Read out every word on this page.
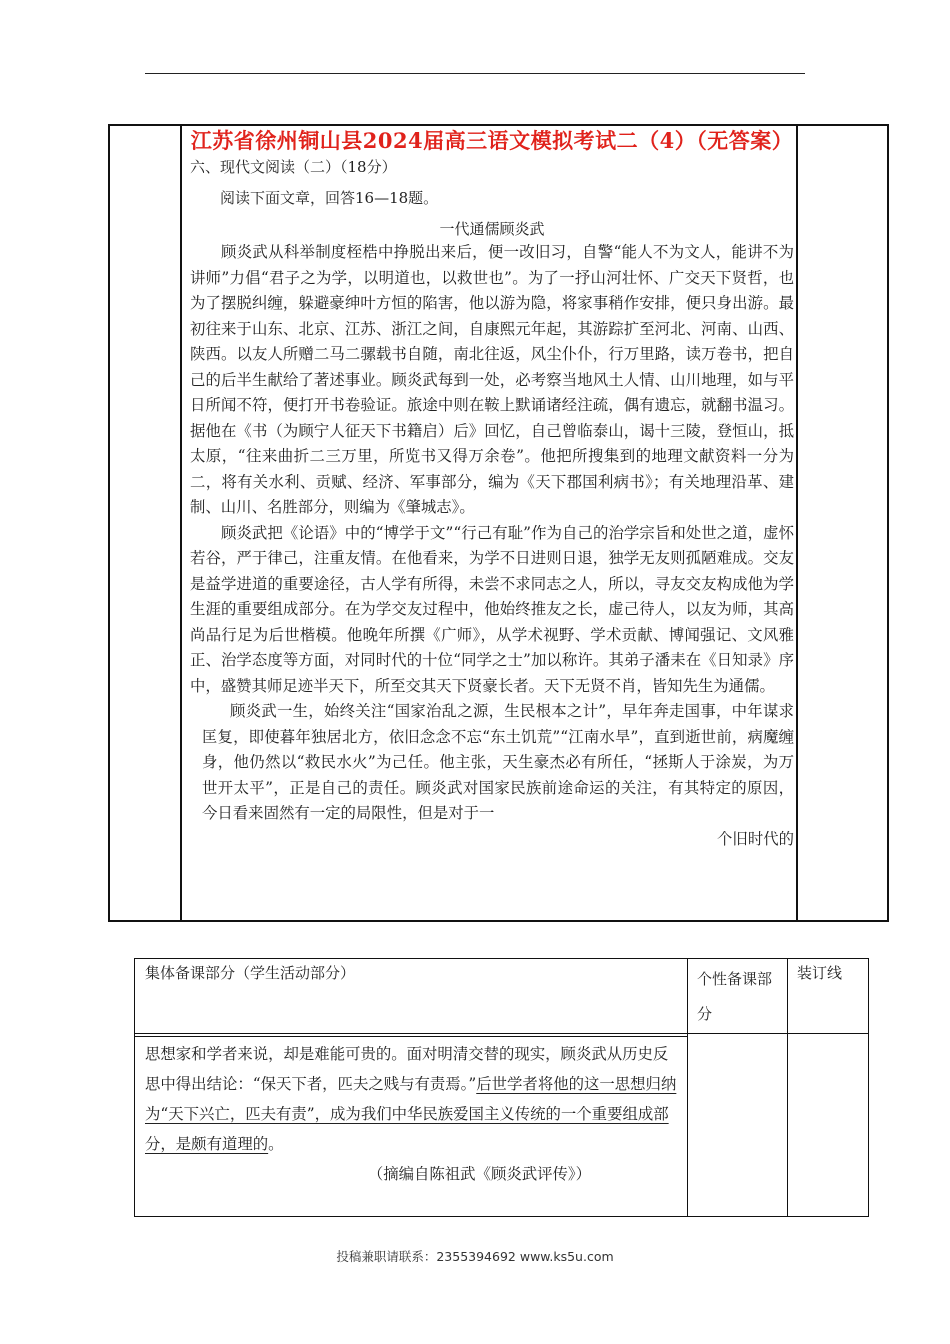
江苏省徐州铜山县2024届高三语文模拟考试二（4）（无答案）
六、现代文阅读（二）（18分）
阅读下面文章，回答16—18题。
一代通儒顾炎武

顾炎武从科举制度桎梏中挣脱出来后，便一改旧习，自警“能人不为文人，能讲不为讲师”力倡“君子之为学，以明道也，以救世也”。为了一抒山河壮怀、广交天下贤哲，也为了摆脱纠缠，躲避豪绅叶方恒的陷害，他以游为隐，将家事稍作安排，便只身出游。最初往来于山东、北京、江苏、浙江之间，自康熙元年起，其游踪扩至河北、河南、山西、陕西。以友人所赠二马二骡载书自随，南北往返，风尘仆仆，行万里路，读万卷书，把自己的后半生献给了著述事业。顾炎武每到一处，必考察当地风土人情、山川地理，如与平日所闻不符，便打开书卷验证。旅途中则在鞍上默诵诸经注疏，偶有遗忘，就翻书温习。据他在《书（为顾宁人征天下书籍启）后》回忆，自己曾临泰山，谒十三陵，登恒山，抵太原，“往来曲折二三万里，所览书又得万余卷”。他把所搜集到的地理文献资料一分为二，将有关水利、贡赋、经济、军事部分，编为《天下郡国利病书》；有关地理沿革、建制、山川、名胜部分，则编为《肇城志》。

顾炎武把《论语》中的“博学于文”“行己有耻”作为自己的治学宗旨和处世之道，虚怀若谷，严于律己，注重友情。在他看来，为学不日进则日退，独学无友则孤陋难成。交友是益学进道的重要途径，古人学有所得，未尝不求同志之人，所以，寻友交友构成他为学生涯的重要组成部分。在为学交友过程中，他始终推友之长，虚己待人，以友为师，其高尚品行足为后世楷模。他晚年所撰《广师》，从学术视野、学术贡献、博闻强记、文风雅正、治学态度等方面，对同时代的十位“同学之士”加以称许。其弟子潘耒在《日知录》序中，盛赞其师足迹半天下，所至交其天下贤豪长者。天下无贤不肖，皆知先生为通儒。

顾炎武一生，始终关注“国家治乱之源，生民根本之计”，早年奔走国事，中年谋求匡复，即使暮年独居北方，依旧念念不忘“东土饥荒”“江南水旱”，直到逝世前，病魔缠身，他仍然以“救民水火”为己任。他主张，天生豪杰必有所任，“拯斯人于涂炭，为万世开太平”，正是自己的责任。顾炎武对国家民族前途命运的关注，有其特定的原因，今日看来固然有一定的局限性，但是对于一

个旧时代的
集体备课部分（学生活动部分）	个性备课部分
装订线
思想家和学者来说，却是难能可贵的。面对明清交替的现实，顾炎武从历史反思中得出结论：“保天下者，匹夫之贱与有责焉。”后世学者将他的这一思想归纳为“天下兴亡，匹夫有责”，成为我们中华民族爱国主义传统的一个重要组成部分，是颇有道理的。
（摘编自陈祖武《顾炎武评传》）
投稿兼职请联系：2355394692 www.ks5u.com
